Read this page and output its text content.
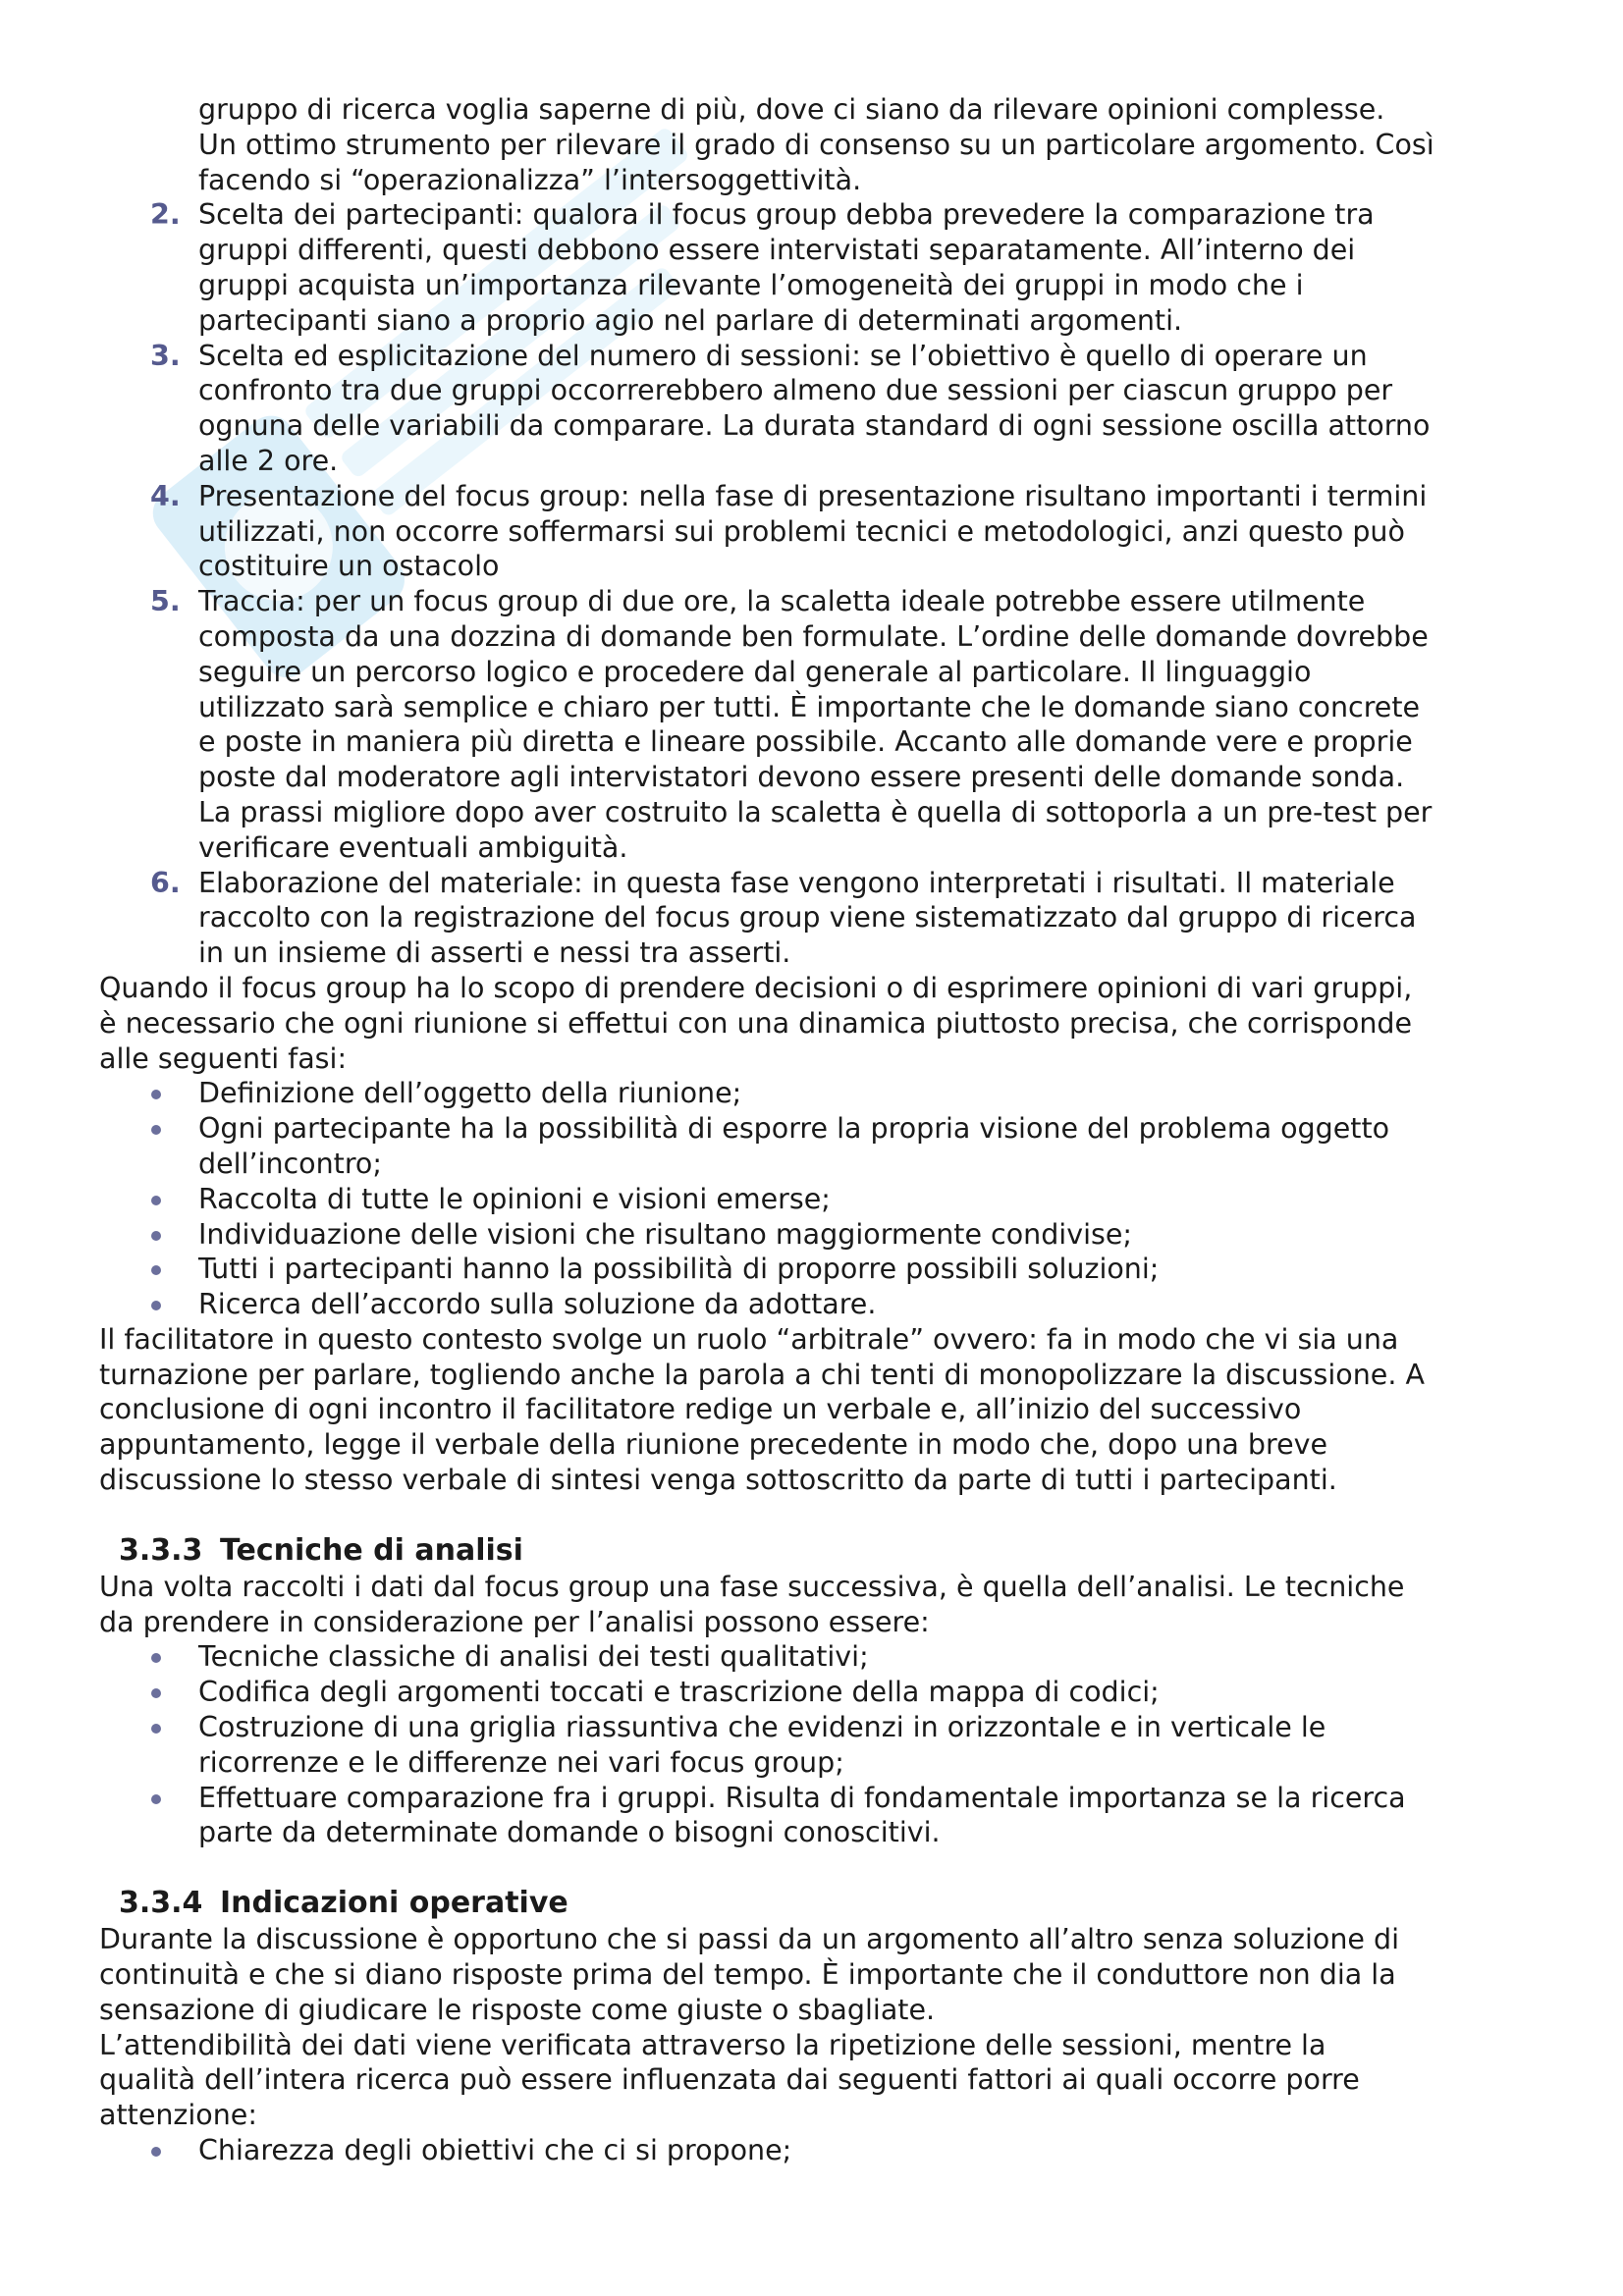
gruppo di ricerca voglia saperne di più, dove ci siano da rilevare opinioni complesse.
Un ottimo strumento per rilevare il grado di consenso su un particolare argomento. Così
facendo si “operazionalizza” l’intersoggettività.
2. Scelta dei partecipanti: qualora il focus group debba prevedere la comparazione tra
gruppi differenti, questi debbono essere intervistati separatamente. All’interno dei
gruppi acquista un’importanza rilevante l’omogeneità dei gruppi in modo che i
partecipanti siano a proprio agio nel parlare di determinati argomenti.
3. Scelta ed esplicitazione del numero di sessioni: se l’obiettivo è quello di operare un
confronto tra due gruppi occorrerebbero almeno due sessioni per ciascun gruppo per
ognuna delle variabili da comparare. La durata standard di ogni sessione oscilla attorno
alle 2 ore.
4. Presentazione del focus group: nella fase di presentazione risultano importanti i termini
utilizzati, non occorre soffermarsi sui problemi tecnici e metodologici, anzi questo può
costituire un ostacolo
5. Traccia: per un focus group di due ore, la scaletta ideale potrebbe essere utilmente
composta da una dozzina di domande ben formulate. L’ordine delle domande dovrebbe
seguire un percorso logico e procedere dal generale al particolare. Il linguaggio
utilizzato sarà semplice e chiaro per tutti. È importante che le domande siano concrete
e poste in maniera più diretta e lineare possibile. Accanto alle domande vere e proprie
poste dal moderatore agli intervistatori devono essere presenti delle domande sonda.
La prassi migliore dopo aver costruito la scaletta è quella di sottoporla a un pre-test per
verificare eventuali ambiguità.
6. Elaborazione del materiale: in questa fase vengono interpretati i risultati. Il materiale
raccolto con la registrazione del focus group viene sistematizzato dal gruppo di ricerca
in un insieme di asserti e nessi tra asserti.

Quando il focus group ha lo scopo di prendere decisioni o di esprimere opinioni di vari gruppi,
è necessario che ogni riunione si effettui con una dinamica piuttosto precisa, che corrisponde
alle seguenti fasi:

Definizione dell’oggetto della riunione;
Ogni partecipante ha la possibilità di esporre la propria visione del problema oggetto
dell’incontro;
Raccolta di tutte le opinioni e visioni emerse;
Individuazione delle visioni che risultano maggiormente condivise;
Tutti i partecipanti hanno la possibilità di proporre possibili soluzioni;
Ricerca dell’accordo sulla soluzione da adottare.

Il facilitatore in questo contesto svolge un ruolo “arbitrale” ovvero: fa in modo che vi sia una
turnazione per parlare, togliendo anche la parola a chi tenti di monopolizzare la discussione. A
conclusione di ogni incontro il facilitatore redige un verbale e, all’inizio del successivo
appuntamento, legge il verbale della riunione precedente in modo che, dopo una breve
discussione lo stesso verbale di sintesi venga sottoscritto da parte di tutti i partecipanti.

3.3.3 Tecniche di analisi

Una volta raccolti i dati dal focus group una fase successiva, è quella dell’analisi. Le tecniche
da prendere in considerazione per l’analisi possono essere:

Tecniche classiche di analisi dei testi qualitativi;
Codifica degli argomenti toccati e trascrizione della mappa di codici;
Costruzione di una griglia riassuntiva che evidenzi in orizzontale e in verticale le
ricorrenze e le differenze nei vari focus group;
Effettuare comparazione fra i gruppi. Risulta di fondamentale importanza se la ricerca
parte da determinate domande o bisogni conoscitivi.
3.3.4 Indicazioni operative

Durante la discussione è opportuno che si passi da un argomento all’altro senza soluzione di
continuità e che si diano risposte prima del tempo. È importante che il conduttore non dia la
sensazione di giudicare le risposte come giuste o sbagliate.

L’attendibilità dei dati viene verificata attraverso la ripetizione delle sessioni, mentre la
qualità dell’intera ricerca può essere influenzata dai seguenti fattori ai quali occorre porre
attenzione:

Chiarezza degli obiettivi che ci si propone;
